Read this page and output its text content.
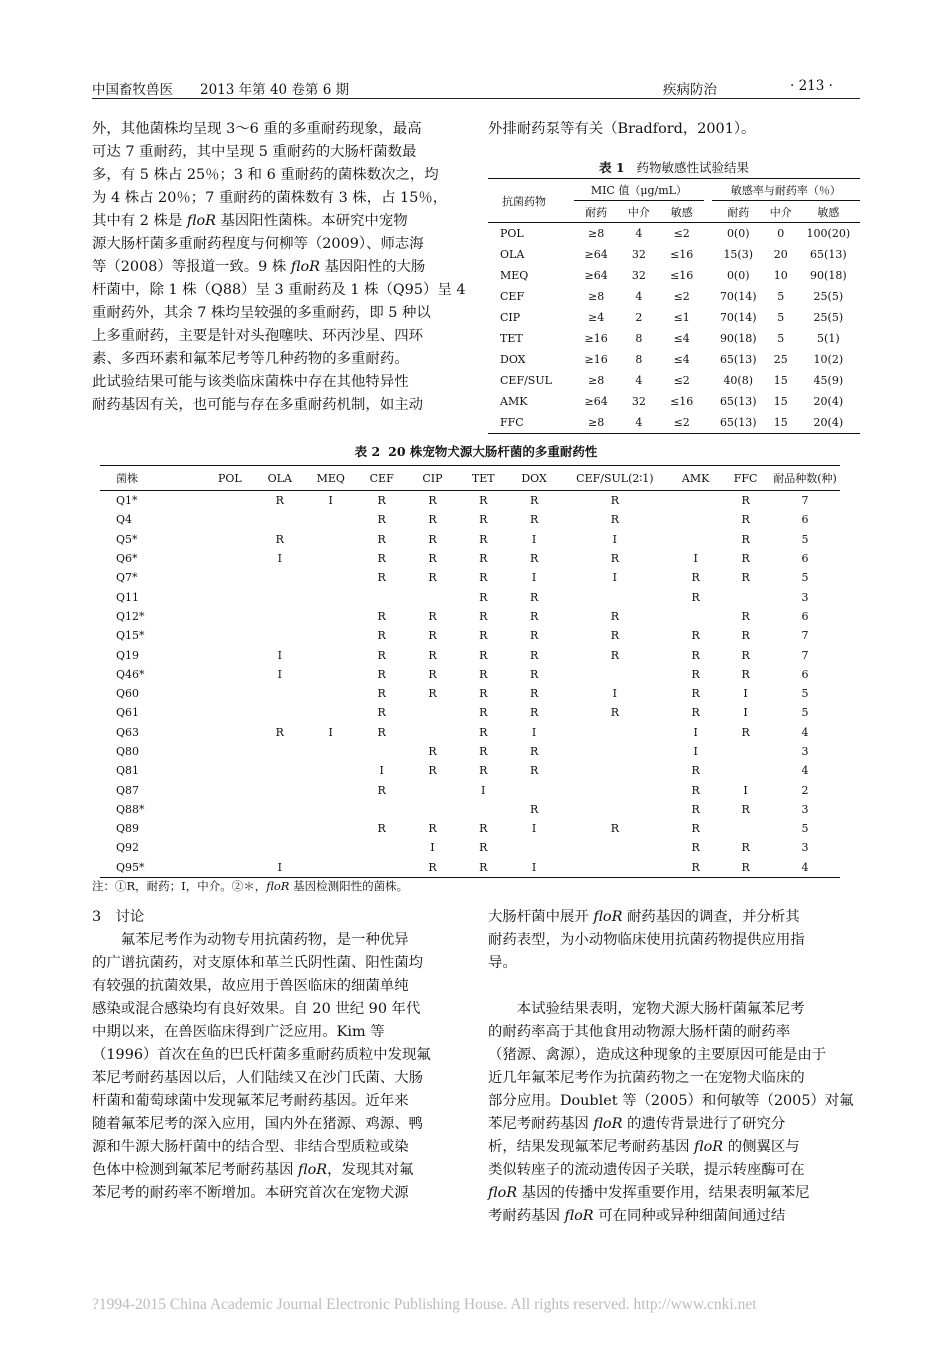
中国畜牧兽医 2013 年第 40 卷第 6 期	疾病防治	· 213 ·

外，其他菌株均呈现 3～6 重的多重耐药现象，最高

可达 7 重耐药，其中呈现 5 重耐药的大肠杆菌数最

多，有 5 株占 25％；3 和 6 重耐药的菌株数次之，均

为 4 株占 20％；7 重耐药的菌株数有 3 株，占 15％，

其中有 2 株是 floR 基因阳性菌株。本研究中宠物

源大肠杆菌多重耐药程度与何柳等（2009）、师志海

等（2008）等报道一致。9 株 floR 基因阳性的大肠

杆菌中，除 1 株（Q88）呈 3 重耐药及 1 株（Q95）呈 4

重耐药外，其余 7 株均呈较强的多重耐药，即 5 种以

上多重耐药，主要是针对头孢噻呋、环丙沙星、四环

素、多西环素和氟苯尼考等几种药物的多重耐药。

此试验结果可能与该类临床菌株中存在其他特异性

耐药基因有关，也可能与存在多重耐药机制，如主动

外排耐药泵等有关（Bradford，2001）。

表 1 药物敏感性试验结果
抗菌药物	MIC 值（μg/mL）				敏感率与耐药率（％）		
	耐药	中介	敏感		耐药	中介	敏感
POL	≥8	4	≤2		0(0)	0	100(20)
OLA	≥64	32	≤16		15(3)	20	65(13)
MEQ	≥64	32	≤16		0(0)	10	90(18)
CEF	≥8	4	≤2		70(14)	5	25(5)
CIP	≥4	2	≤1		70(14)	5	25(5)
TET	≥16	8	≤4		90(18)	5	5(1)
DOX	≥16	8	≤4		65(13)	25	10(2)
CEF/SUL	≥8	4	≤2		40(8)	15	45(9)
AMK	≥64	32	≤16		65(13)	15	20(4)
FFC	≥8	4	≤2		65(13)	15	20(4)
表 2 20 株宠物犬源大肠杆菌的多重耐药性
菌株	POL	OLA	MEQ	CEF	CIP	TET	DOX	CEF/SUL(2∶1)	AMK	FFC	耐品种数(种)
Q1*		R	I	R	R	R	R	R		R	7
Q4				R	R	R	R	R		R	6
Q5*		R		R	R	R	I	I		R	5
Q6*		I		R	R	R	R	R	I	R	6
Q7*				R	R	R	I	I	R	R	5
Q11						R	R		R		3
Q12*				R	R	R	R	R		R	6
Q15*				R	R	R	R	R	R	R	7
Q19		I		R	R	R	R	R	R	R	7
Q46*		I		R	R	R	R		R	R	6
Q60				R	R	R	R	I	R	I	5
Q61				R		R	R	R	R	I	5
Q63		R	I	R		R	I		I	R	4
Q80					R	R	R		I		3
Q81				I	R	R	R		R		4
Q87				R		I			R	I	2
Q88*							R		R	R	3
Q89				R	R	R	I	R	R		5
Q92					I	R			R	R	3
Q95*		I			R	R	I		R	R	4
注：①R，耐药；I，中介。②＊，floR 基因检测阳性的菌株。

3　讨论

氟苯尼考作为动物专用抗菌药物，是一种优异

的广谱抗菌药，对支原体和革兰氏阴性菌、阳性菌均

有较强的抗菌效果，故应用于兽医临床的细菌单纯

感染或混合感染均有良好效果。自 20 世纪 90 年代

中期以来，在兽医临床得到广泛应用。Kim 等

（1996）首次在鱼的巴氏杆菌多重耐药质粒中发现氟

苯尼考耐药基因以后，人们陆续又在沙门氏菌、大肠

杆菌和葡萄球菌中发现氟苯尼考耐药基因。近年来

随着氟苯尼考的深入应用，国内外在猪源、鸡源、鸭

源和牛源大肠杆菌中的结合型、非结合型质粒或染

色体中检测到氟苯尼考耐药基因 floR，发现其对氟

苯尼考的耐药率不断增加。本研究首次在宠物犬源

大肠杆菌中展开 floR 耐药基因的调查，并分析其

耐药表型，为小动物临床使用抗菌药物提供应用指

导。

本试验结果表明，宠物犬源大肠杆菌氟苯尼考

的耐药率高于其他食用动物源大肠杆菌的耐药率

（猪源、禽源），造成这种现象的主要原因可能是由于

近几年氟苯尼考作为抗菌药物之一在宠物犬临床的

部分应用。Doublet 等（2005）和何敏等（2005）对氟

苯尼考耐药基因 floR 的遗传背景进行了研究分

析，结果发现氟苯尼考耐药基因 floR 的侧翼区与

类似转座子的流动遗传因子关联，提示转座酶可在

floR 基因的传播中发挥重要作用，结果表明氟苯尼

考耐药基因 floR 可在同种或异种细菌间通过结

?1994-2015 China Academic Journal Electronic Publishing House. All rights reserved. http://www.cnki.net
